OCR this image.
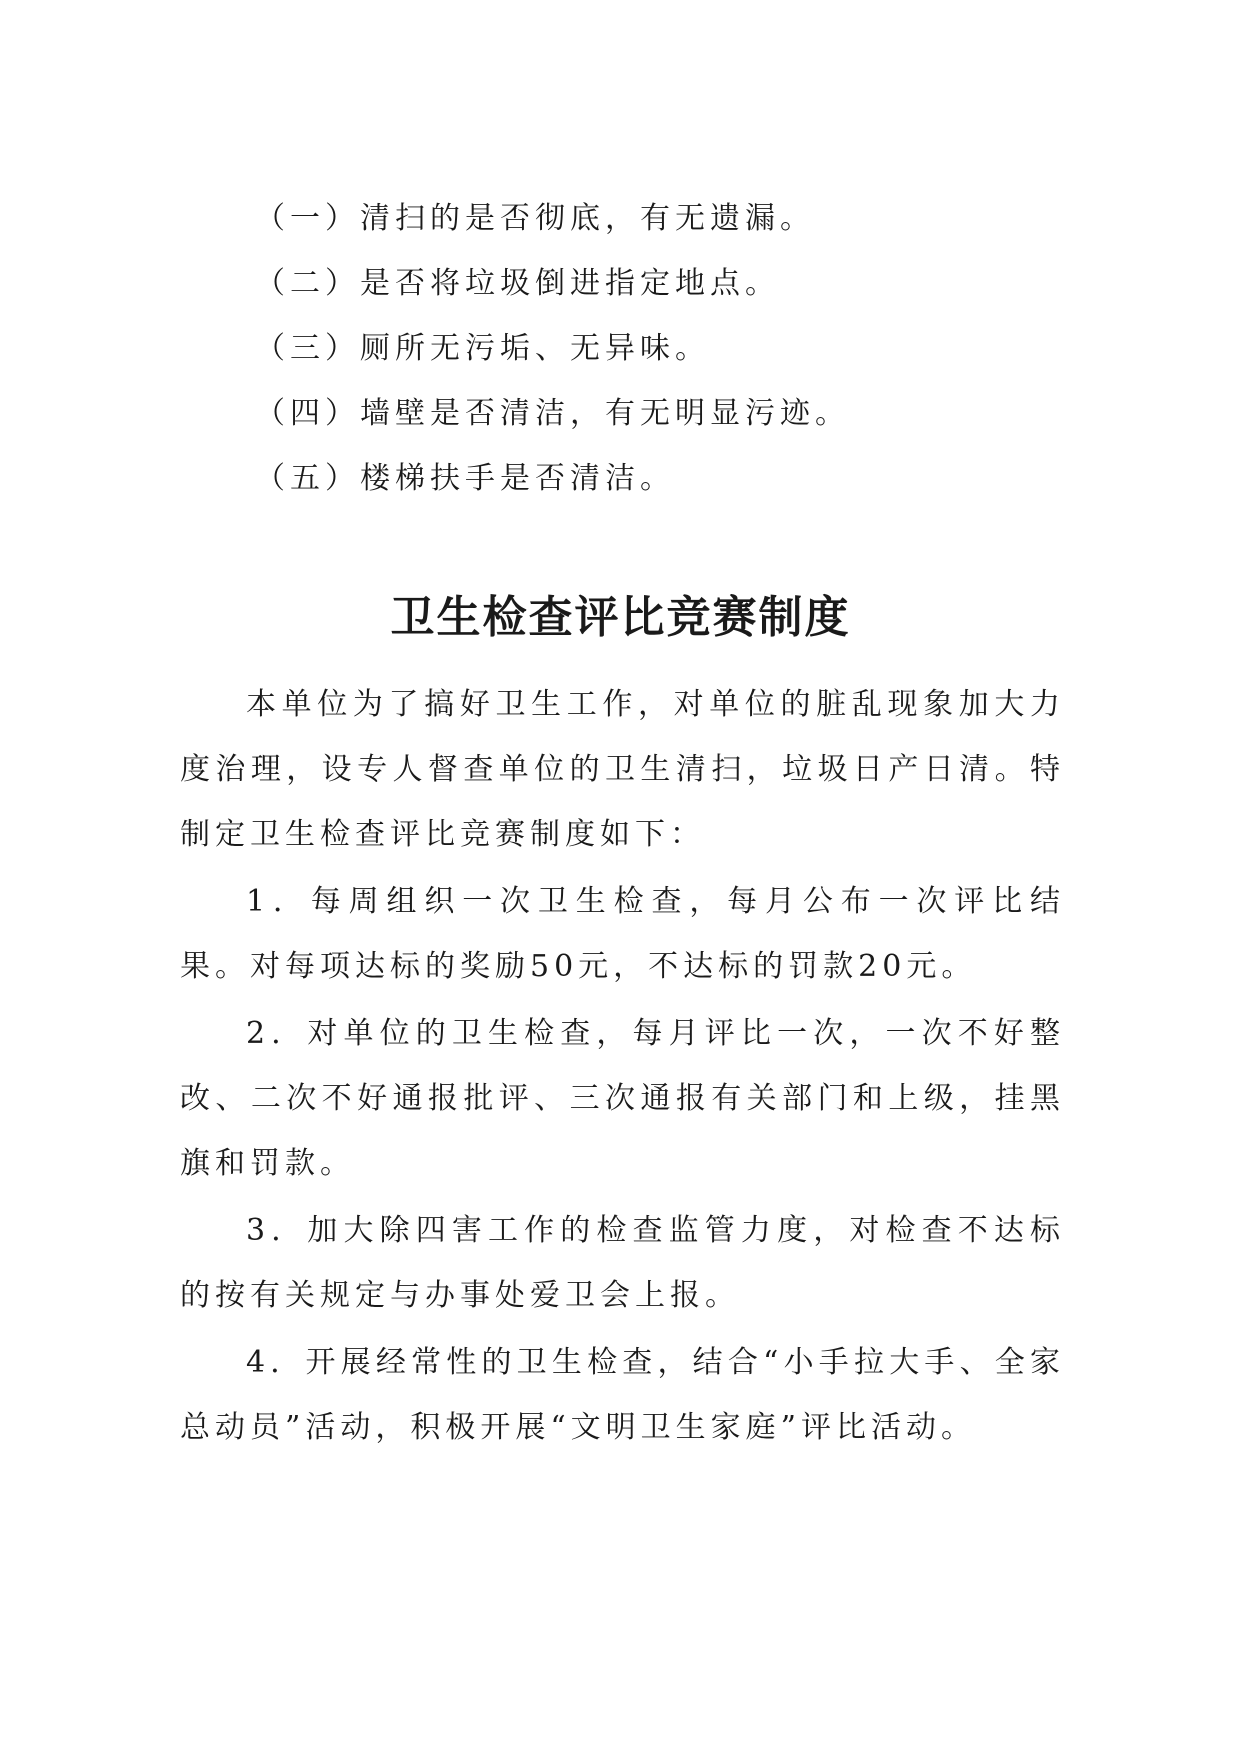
（一）清扫的是否彻底，有无遗漏。
（二）是否将垃圾倒进指定地点。
（三）厕所无污垢、无异味。
（四）墙壁是否清洁，有无明显污迹。
（五）楼梯扶手是否清洁。
卫生检查评比竞赛制度

本单位为了搞好卫生工作，对单位的脏乱现象加大力度治理，设专人督查单位的卫生清扫，垃圾日产日清。特制定卫生检查评比竞赛制度如下：

1．每周组织一次卫生检查，每月公布一次评比结果。对每项达标的奖励50元，不达标的罚款20元。

2．对单位的卫生检查，每月评比一次，一次不好整改、二次不好通报批评、三次通报有关部门和上级，挂黑旗和罚款。

3．加大除四害工作的检查监管力度，对检查不达标的按有关规定与办事处爱卫会上报。

4．开展经常性的卫生检查，结合“小手拉大手、全家总动员”活动，积极开展“文明卫生家庭”评比活动。
